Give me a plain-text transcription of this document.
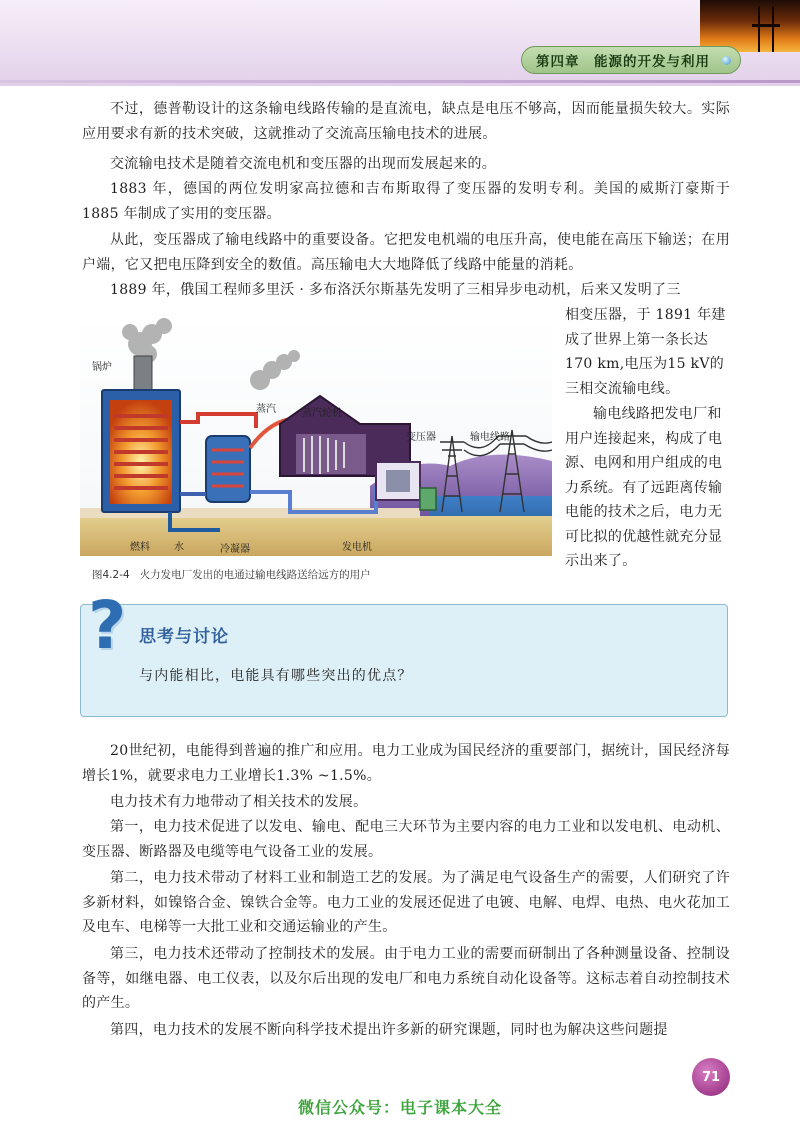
第四章　能源的开发与利用

不过，德普勒设计的这条输电线路传输的是直流电，缺点是电压不够高，因而能量损失较大。实际应用要求有新的技术突破，这就推动了交流高压输电技术的进展。

交流输电技术是随着交流电机和变压器的出现而发展起来的。

1883 年，德国的两位发明家高拉德和吉布斯取得了变压器的发明专利。美国的威斯汀豪斯于 1885 年制成了实用的变压器。

从此，变压器成了输电线路中的重要设备。它把发电机端的电压升高，使电能在高压下输送；在用户端，它又把电压降到安全的数值。高压输电大大地降低了线路中能量的消耗。

1889 年，俄国工程师多里沃 · 多布洛沃尔斯基先发明了三相异步电动机，后来又发明了三

相变压器，于 1891 年建成了世界上第一条长达 170 km,电压为15 kV的三相交流输电线。

输电线路把发电厂和用户连接起来，构成了电源、电网和用户组成的电力系统。有了远距离传输电能的技术之后，电力无可比拟的优越性就充分显示出来了。

锅炉
蒸汽	蒸汽轮机
变压器	输电线路
燃料 水	冷凝器	发电机
图4.2-4 火力发电厂发出的电通过输电线路送给远方的用户
? 思考与讨论
与内能相比，电能具有哪些突出的优点？

20世纪初，电能得到普遍的推广和应用。电力工业成为国民经济的重要部门，据统计，国民经济每增长1%，就要求电力工业增长1.3% ~1.5%。

电力技术有力地带动了相关技术的发展。

第一，电力技术促进了以发电、输电、配电三大环节为主要内容的电力工业和以发电机、电动机、变压器、断路器及电缆等电气设备工业的发展。

第二，电力技术带动了材料工业和制造工艺的发展。为了满足电气设备生产的需要，人们研究了许多新材料，如镍铬合金、镍铁合金等。电力工业的发展还促进了电镀、电解、电焊、电热、电火花加工及电车、电梯等一大批工业和交通运输业的产生。

第三，电力技术还带动了控制技术的发展。由于电力工业的需要而研制出了各种测量设备、控制设备等，如继电器、电工仪表，以及尔后出现的发电厂和电力系统自动化设备等。这标志着自动控制技术的产生。

第四，电力技术的发展不断向科学技术提出许多新的研究课题，同时也为解决这些问题提

71
微信公众号：电子课本大全
